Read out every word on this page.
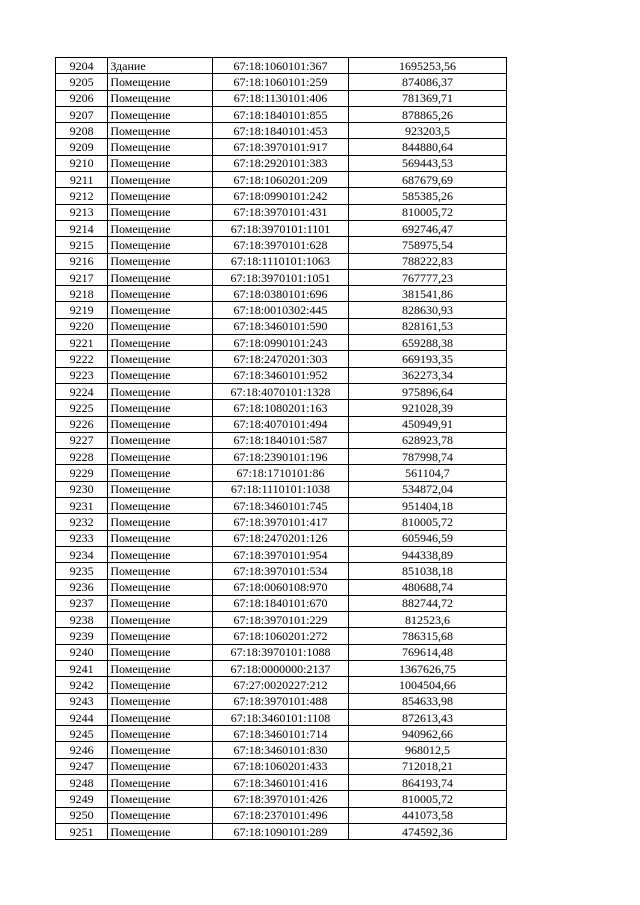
9204	Здание	67:18:1060101:367	1695253,56
9205	Помещение	67:18:1060101:259	874086,37
9206	Помещение	67:18:1130101:406	781369,71
9207	Помещение	67:18:1840101:855	878865,26
9208	Помещение	67:18:1840101:453	923203,5
9209	Помещение	67:18:3970101:917	844880,64
9210	Помещение	67:18:2920101:383	569443,53
9211	Помещение	67:18:1060201:209	687679,69
9212	Помещение	67:18:0990101:242	585385,26
9213	Помещение	67:18:3970101:431	810005,72
9214	Помещение	67:18:3970101:1101	692746,47
9215	Помещение	67:18:3970101:628	758975,54
9216	Помещение	67:18:1110101:1063	788222,83
9217	Помещение	67:18:3970101:1051	767777,23
9218	Помещение	67:18:0380101:696	381541,86
9219	Помещение	67:18:0010302:445	828630,93
9220	Помещение	67:18:3460101:590	828161,53
9221	Помещение	67:18:0990101:243	659288,38
9222	Помещение	67:18:2470201:303	669193,35
9223	Помещение	67:18:3460101:952	362273,34
9224	Помещение	67:18:4070101:1328	975896,64
9225	Помещение	67:18:1080201:163	921028,39
9226	Помещение	67:18:4070101:494	450949,91
9227	Помещение	67:18:1840101:587	628923,78
9228	Помещение	67:18:2390101:196	787998,74
9229	Помещение	67:18:1710101:86	561104,7
9230	Помещение	67:18:1110101:1038	534872,04
9231	Помещение	67:18:3460101:745	951404,18
9232	Помещение	67:18:3970101:417	810005,72
9233	Помещение	67:18:2470201:126	605946,59
9234	Помещение	67:18:3970101:954	944338,89
9235	Помещение	67:18:3970101:534	851038,18
9236	Помещение	67:18:0060108:970	480688,74
9237	Помещение	67:18:1840101:670	882744,72
9238	Помещение	67:18:3970101:229	812523,6
9239	Помещение	67:18:1060201:272	786315,68
9240	Помещение	67:18:3970101:1088	769614,48
9241	Помещение	67:18:0000000:2137	1367626,75
9242	Помещение	67:27:0020227:212	1004504,66
9243	Помещение	67:18:3970101:488	854633,98
9244	Помещение	67:18:3460101:1108	872613,43
9245	Помещение	67:18:3460101:714	940962,66
9246	Помещение	67:18:3460101:830	968012,5
9247	Помещение	67:18:1060201:433	712018,21
9248	Помещение	67:18:3460101:416	864193,74
9249	Помещение	67:18:3970101:426	810005,72
9250	Помещение	67:18:2370101:496	441073,58
9251	Помещение	67:18:1090101:289	474592,36
